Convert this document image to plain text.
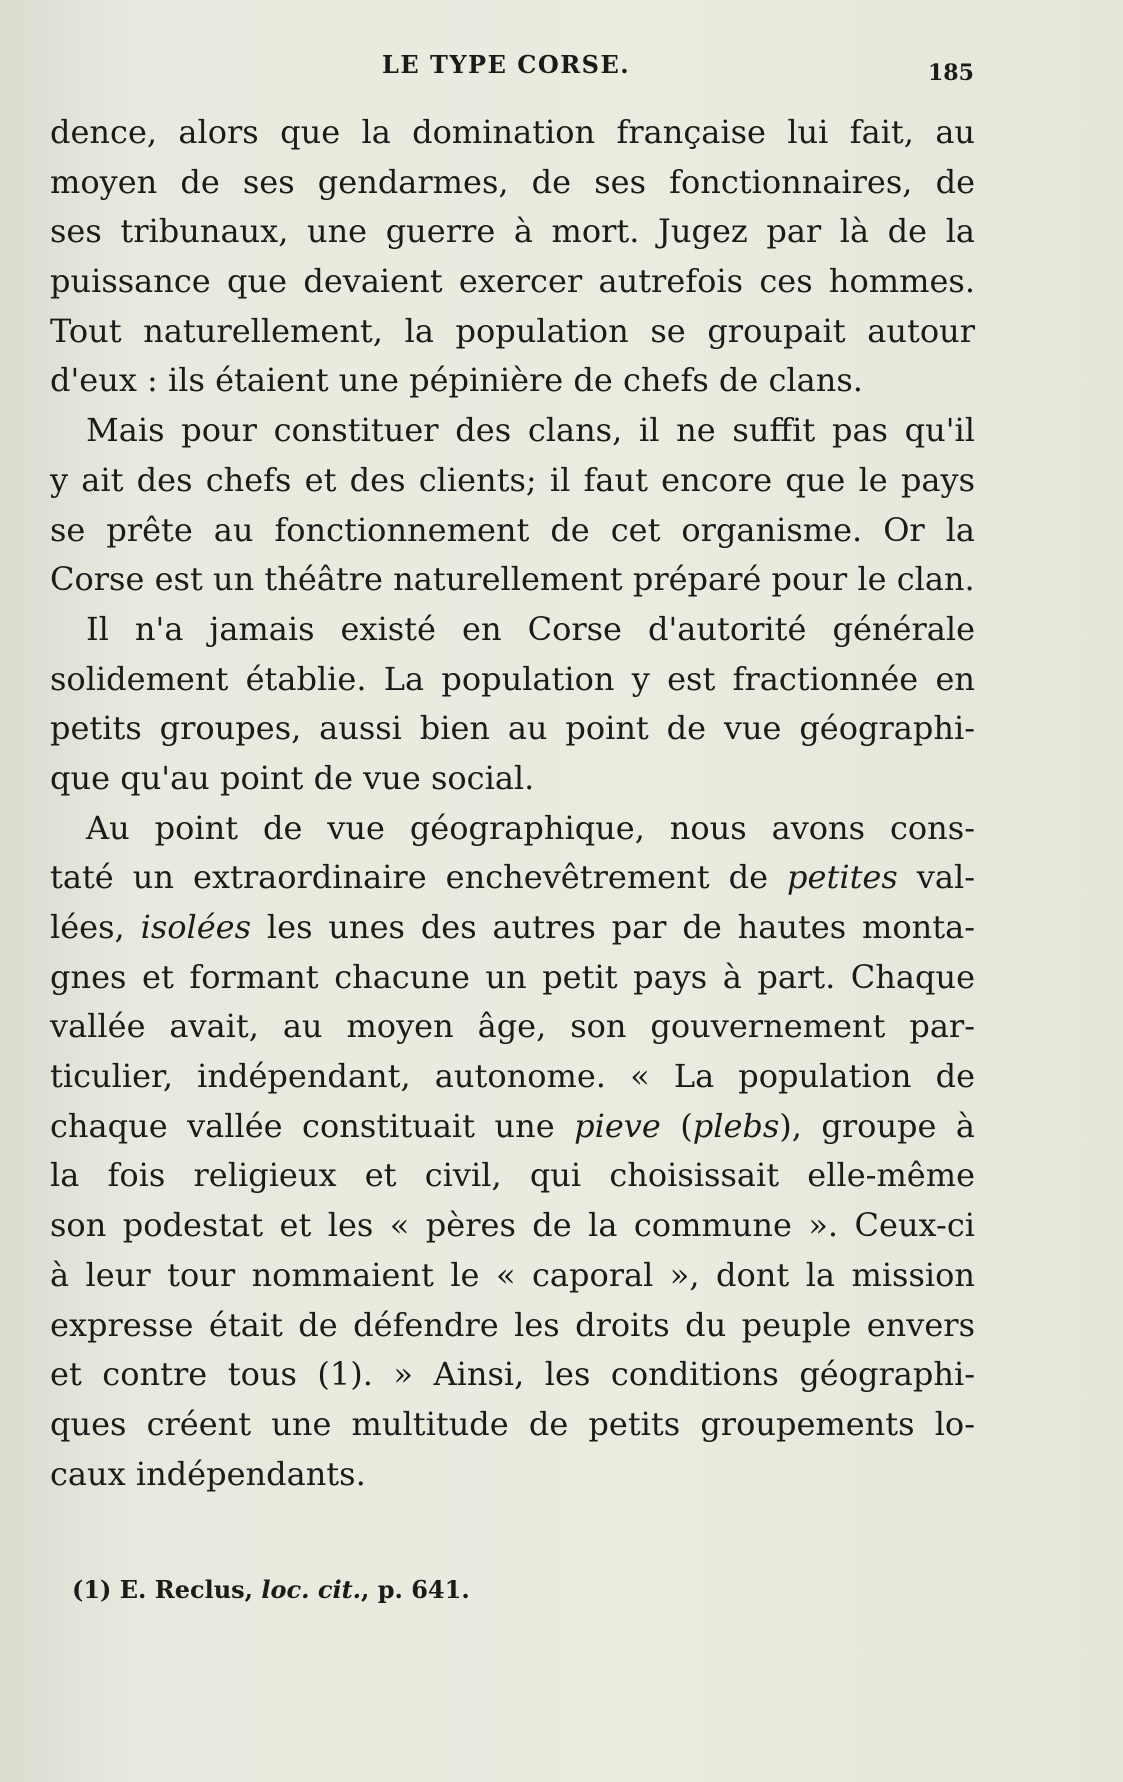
LE TYPE CORSE.	185
dence, alors que la domination française lui fait, au
moyen de ses gendarmes, de ses fonctionnaires, de
ses tribunaux, une guerre à mort. Jugez par là de la
puissance que devaient exercer autrefois ces hommes.
Tout naturellement, la population se groupait autour
d'eux : ils étaient une pépinière de chefs de clans.
Mais pour constituer des clans, il ne suffit pas qu'il
y ait des chefs et des clients; il faut encore que le pays
se prête au fonctionnement de cet organisme. Or la
Corse est un théâtre naturellement préparé pour le clan.
Il n'a jamais existé en Corse d'autorité générale
solidement établie. La population y est fractionnée en
petits groupes, aussi bien au point de vue géographi-
que qu'au point de vue social.
Au point de vue géographique, nous avons cons-
taté un extraordinaire enchevêtrement de petites val-
lées, isolées les unes des autres par de hautes monta-
gnes et formant chacune un petit pays à part. Chaque
vallée avait, au moyen âge, son gouvernement par-
ticulier, indépendant, autonome. « La population de
chaque vallée constituait une pieve (plebs), groupe à
la fois religieux et civil, qui choisissait elle-même
son podestat et les « pères de la commune ». Ceux-ci
à leur tour nommaient le « caporal », dont la mission
expresse était de défendre les droits du peuple envers
et contre tous (1). » Ainsi, les conditions géographi-
ques créent une multitude de petits groupements lo-
caux indépendants.
(1) E. Reclus, loc. cit., p. 641.
